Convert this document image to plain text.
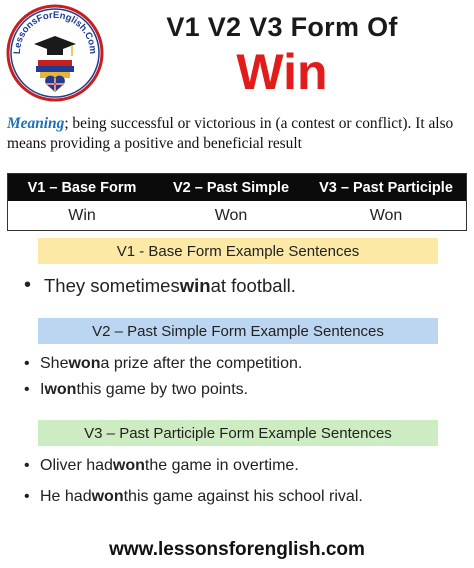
LessonsForEnglish.Com
V1 V2 V3 Form Of
Win
Meaning; being successful or victorious in (a contest or conflict). It also means providing a positive and beneficial result
V1 – Base Form	V2 – Past Simple	V3 – Past Participle
Win	Won	Won
V1 - Base Form Example Sentences
• They sometimes win at football.
V2 – Past Simple Form Example Sentences
• She won a prize after the competition.
• I won this game by two points.
V3 – Past Participle Form Example Sentences
• Oliver had won the game in overtime.
• He had won this game against his school rival.
www.lessonsforenglish.com
